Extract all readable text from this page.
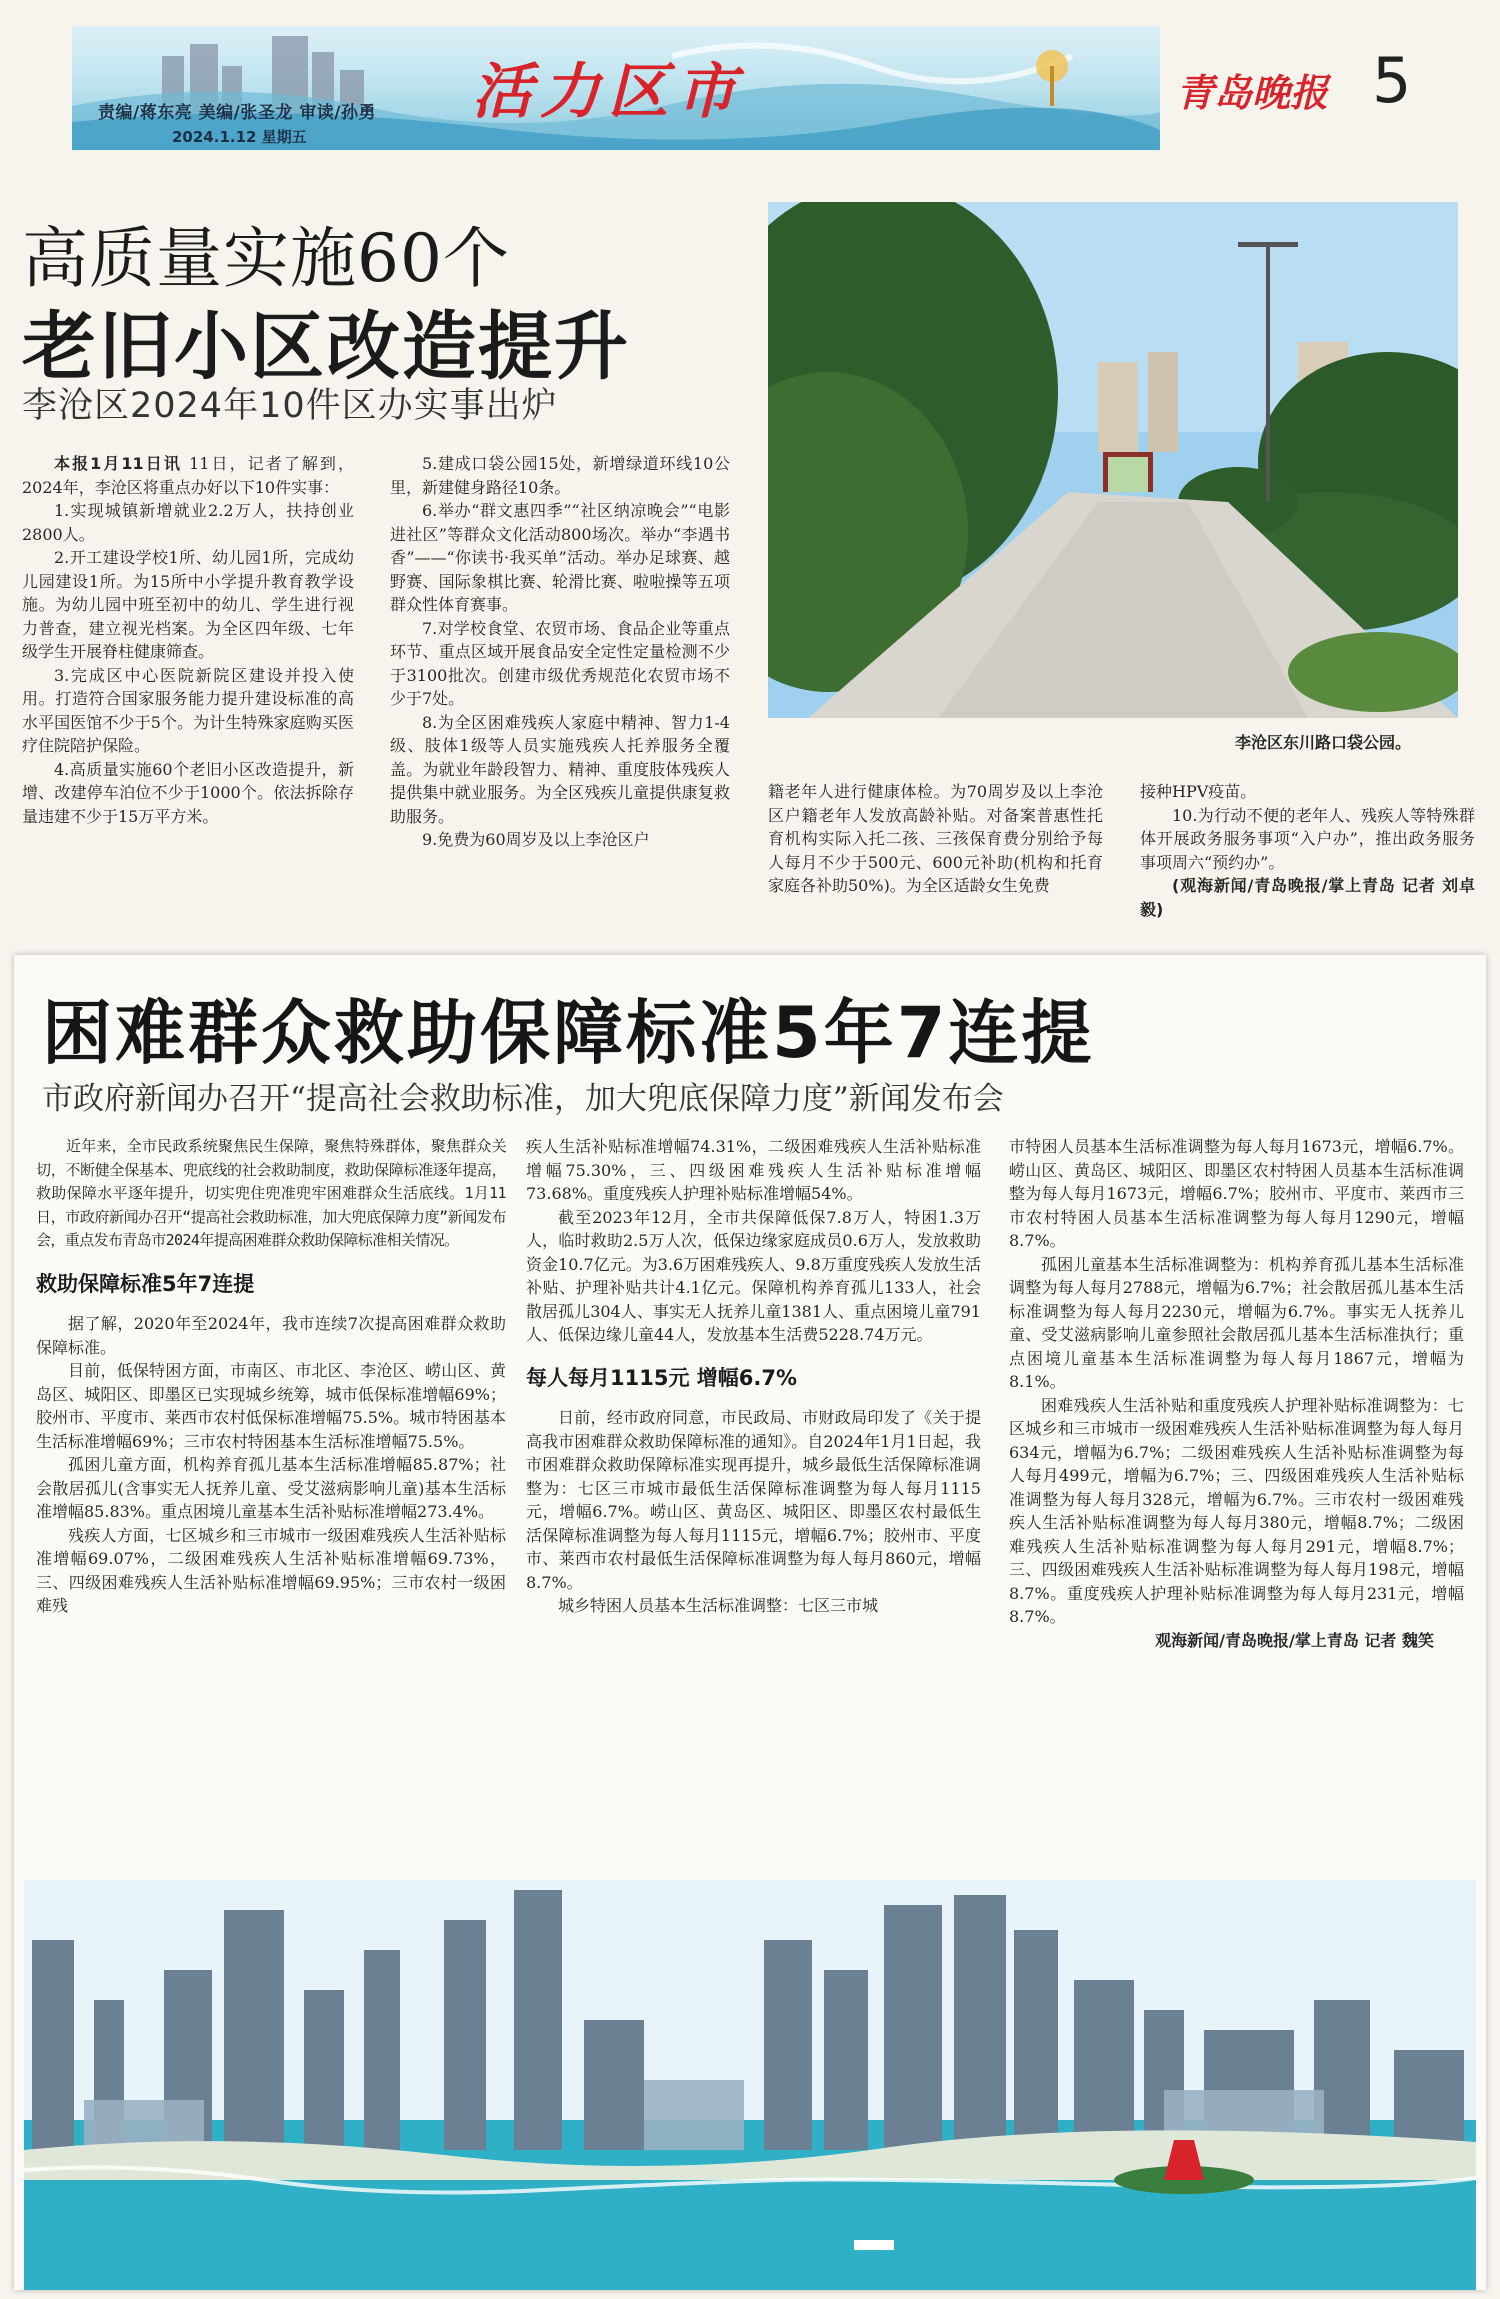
责编/蒋东亮 美编/张圣龙 审读/孙勇
2024.1.12 星期五
活力区市	青岛晚报 5
高质量实施60个
老旧小区改造提升
李沧区2024年10件区办实事出炉

本报1月11日讯 11日，记者了解到，2024年，李沧区将重点办好以下10件实事：

1.实现城镇新增就业2.2万人，扶持创业2800人。

2.开工建设学校1所、幼儿园1所，完成幼儿园建设1所。为15所中小学提升教育教学设施。为幼儿园中班至初中的幼儿、学生进行视力普查，建立视光档案。为全区四年级、七年级学生开展脊柱健康筛查。

3.完成区中心医院新院区建设并投入使用。打造符合国家服务能力提升建设标准的高水平国医馆不少于5个。为计生特殊家庭购买医疗住院陪护保险。

4.高质量实施60个老旧小区改造提升，新增、改建停车泊位不少于1000个。依法拆除存量违建不少于15万平方米。

5.建成口袋公园15处，新增绿道环线10公里，新建健身路径10条。

6.举办“群文惠四季”“社区纳凉晚会”“电影进社区”等群众文化活动800场次。举办“李遇书香”——“你读书·我买单”活动。举办足球赛、越野赛、国际象棋比赛、轮滑比赛、啦啦操等五项群众性体育赛事。

7.对学校食堂、农贸市场、食品企业等重点环节、重点区域开展食品安全定性定量检测不少于3100批次。创建市级优秀规范化农贸市场不少于7处。

8.为全区困难残疾人家庭中精神、智力1-4级、肢体1级等人员实施残疾人托养服务全覆盖。为就业年龄段智力、精神、重度肢体残疾人提供集中就业服务。为全区残疾儿童提供康复救助服务。

9.免费为60周岁及以上李沧区户

李沧区东川路口袋公园。

籍老年人进行健康体检。为70周岁及以上李沧区户籍老年人发放高龄补贴。对备案普惠性托育机构实际入托二孩、三孩保育费分别给予每人每月不少于500元、600元补助(机构和托育家庭各补助50%)。为全区适龄女生免费

接种HPV疫苗。

10.为行动不便的老年人、残疾人等特殊群体开展政务服务事项“入户办”，推出政务服务事项周六“预约办”。

(观海新闻/青岛晚报/掌上青岛 记者 刘卓毅)

困难群众救助保障标准5年7连提
市政府新闻办召开“提高社会救助标准，加大兜底保障力度”新闻发布会

近年来，全市民政系统聚焦民生保障，聚焦特殊群体，聚焦群众关切，不断健全保基本、兜底线的社会救助制度，救助保障标准逐年提高，救助保障水平逐年提升，切实兜住兜准兜牢困难群众生活底线。1月11日，市政府新闻办召开“提高社会救助标准，加大兜底保障力度”新闻发布会，重点发布青岛市2024年提高困难群众救助保障标准相关情况。

救助保障标准5年7连提

据了解，2020年至2024年，我市连续7次提高困难群众救助保障标准。

目前，低保特困方面，市南区、市北区、李沧区、崂山区、黄岛区、城阳区、即墨区已实现城乡统筹，城市低保标准增幅69%；胶州市、平度市、莱西市农村低保标准增幅75.5%。城市特困基本生活标准增幅69%；三市农村特困基本生活标准增幅75.5%。

孤困儿童方面，机构养育孤儿基本生活标准增幅85.87%；社会散居孤儿(含事实无人抚养儿童、受艾滋病影响儿童)基本生活标准增幅85.83%。重点困境儿童基本生活补贴标准增幅273.4%。

残疾人方面，七区城乡和三市城市一级困难残疾人生活补贴标准增幅69.07%，二级困难残疾人生活补贴标准增幅69.73%，三、四级困难残疾人生活补贴标准增幅69.95%；三市农村一级困难残

疾人生活补贴标准增幅74.31%，二级困难残疾人生活补贴标准增幅75.30%，三、四级困难残疾人生活补贴标准增幅73.68%。重度残疾人护理补贴标准增幅54%。

截至2023年12月，全市共保障低保7.8万人，特困1.3万人，临时救助2.5万人次，低保边缘家庭成员0.6万人，发放救助资金10.7亿元。为3.6万困难残疾人、9.8万重度残疾人发放生活补贴、护理补贴共计4.1亿元。保障机构养育孤儿133人，社会散居孤儿304人、事实无人抚养儿童1381人、重点困境儿童791人、低保边缘儿童44人，发放基本生活费5228.74万元。

每人每月1115元 增幅6.7%

日前，经市政府同意，市民政局、市财政局印发了《关于提高我市困难群众救助保障标准的通知》。自2024年1月1日起，我市困难群众救助保障标准实现再提升，城乡最低生活保障标准调整为：七区三市城市最低生活保障标准调整为每人每月1115元，增幅6.7%。崂山区、黄岛区、城阳区、即墨区农村最低生活保障标准调整为每人每月1115元，增幅6.7%；胶州市、平度市、莱西市农村最低生活保障标准调整为每人每月860元，增幅8.7%。

城乡特困人员基本生活标准调整：七区三市城

市特困人员基本生活标准调整为每人每月1673元，增幅6.7%。崂山区、黄岛区、城阳区、即墨区农村特困人员基本生活标准调整为每人每月1673元，增幅6.7%；胶州市、平度市、莱西市三市农村特困人员基本生活标准调整为每人每月1290元，增幅8.7%。

孤困儿童基本生活标准调整为：机构养育孤儿基本生活标准调整为每人每月2788元，增幅为6.7%；社会散居孤儿基本生活标准调整为每人每月2230元，增幅为6.7%。事实无人抚养儿童、受艾滋病影响儿童参照社会散居孤儿基本生活标准执行；重点困境儿童基本生活标准调整为每人每月1867元，增幅为8.1%。

困难残疾人生活补贴和重度残疾人护理补贴标准调整为：七区城乡和三市城市一级困难残疾人生活补贴标准调整为每人每月634元，增幅为6.7%；二级困难残疾人生活补贴标准调整为每人每月499元，增幅为6.7%；三、四级困难残疾人生活补贴标准调整为每人每月328元，增幅为6.7%。三市农村一级困难残疾人生活补贴标准调整为每人每月380元，增幅8.7%；二级困难残疾人生活补贴标准调整为每人每月291元，增幅8.7%；三、四级困难残疾人生活补贴标准调整为每人每月198元，增幅8.7%。重度残疾人护理补贴标准调整为每人每月231元，增幅8.7%。

观海新闻/青岛晚报/掌上青岛 记者 魏笑
